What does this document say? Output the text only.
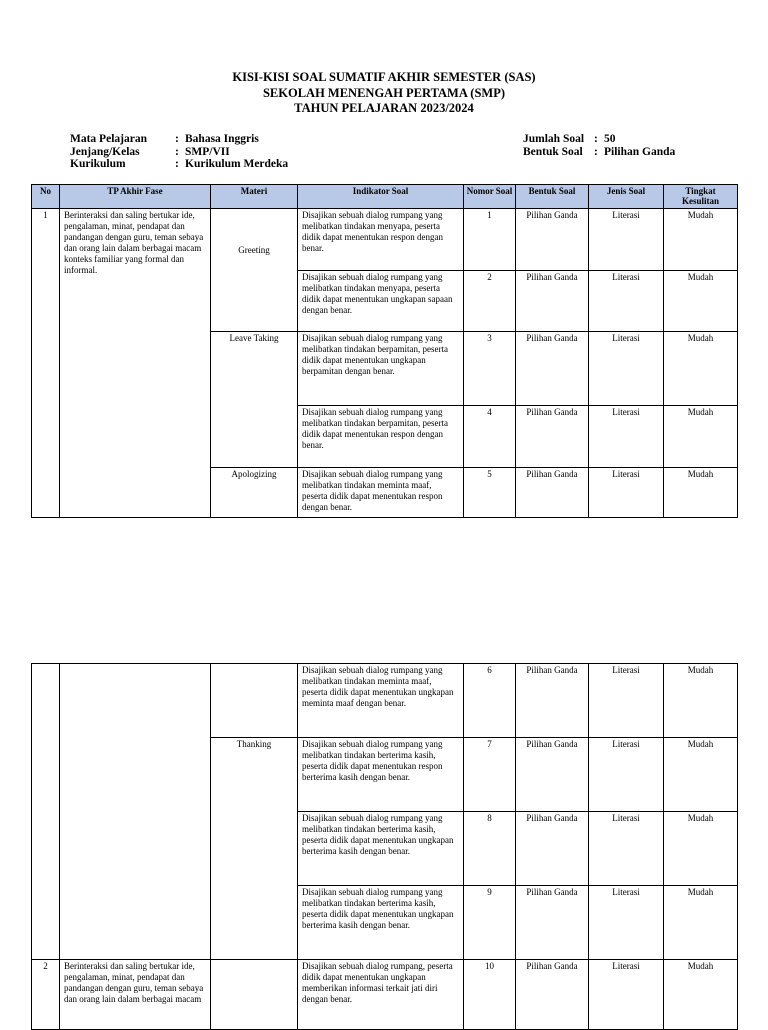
KISI-KISI SOAL SUMATIF AKHIR SEMESTER (SAS)
SEKOLAH MENENGAH PERTAMA (SMP)
TAHUN PELAJARAN 2023/2024
Mata Pelajaran : Bahasa Inggris
Jenjang/Kelas	: SMP/VII
Kurikulum	: Kurikulum Merdeka
Jumlah Soal : 50
Bentuk Soal : Pilihan Ganda
No	TP Akhir Fase	Materi	Indikator Soal	Nomor Soal	Bentuk Soal	Jenis Soal	Tingkat Kesulitan
1	Berinteraksi dan saling bertukar ide, pengalaman, minat, pendapat dan pandangan dengan guru, teman sebaya dan orang lain dalam berbagai macam konteks familiar yang formal dan informal.	Greeting	Disajikan sebuah dialog rumpang yang melibatkan tindakan menyapa, peserta didik dapat menentukan respon dengan benar.	1	Pilihan Ganda	Literasi	Mudah
			Disajikan sebuah dialog rumpang yang melibatkan tindakan menyapa, peserta didik dapat menentukan ungkapan sapaan dengan benar.	2	Pilihan Ganda	Literasi	Mudah
		Leave Taking	Disajikan sebuah dialog rumpang yang melibatkan tindakan berpamitan, peserta didik dapat menentukan ungkapan berpamitan dengan benar.	3	Pilihan Ganda	Literasi	Mudah
			Disajikan sebuah dialog rumpang yang melibatkan tindakan berpamitan, peserta didik dapat menentukan respon dengan benar.	4	Pilihan Ganda	Literasi	Mudah
		Apologizing	Disajikan sebuah dialog rumpang yang melibatkan tindakan meminta maaf, peserta didik dapat menentukan respon dengan benar.	5	Pilihan Ganda	Literasi	Mudah
			Disajikan sebuah dialog rumpang yang melibatkan tindakan meminta maaf, peserta didik dapat menentukan ungkapan meminta maaf dengan benar.	6	Pilihan Ganda	Literasi	Mudah
		Thanking	Disajikan sebuah dialog rumpang yang melibatkan tindakan berterima kasih, peserta didik dapat menentukan respon berterima kasih dengan benar.	7	Pilihan Ganda	Literasi	Mudah
			Disajikan sebuah dialog rumpang yang melibatkan tindakan berterima kasih, peserta didik dapat menentukan ungkapan berterima kasih dengan benar.	8	Pilihan Ganda	Literasi	Mudah
			Disajikan sebuah dialog rumpang yang melibatkan tindakan berterima kasih, peserta didik dapat menentukan ungkapan berterima kasih dengan benar.	9	Pilihan Ganda	Literasi	Mudah
2	Berinteraksi dan saling bertukar ide, pengalaman, minat, pendapat dan pandangan dengan guru, teman sebaya dan orang lain dalam berbagai macam		Disajikan sebuah dialog rumpang, peserta didik dapat menentukan ungkapan memberikan informasi terkait jati diri dengan benar.	10	Pilihan Ganda	Literasi	Mudah
